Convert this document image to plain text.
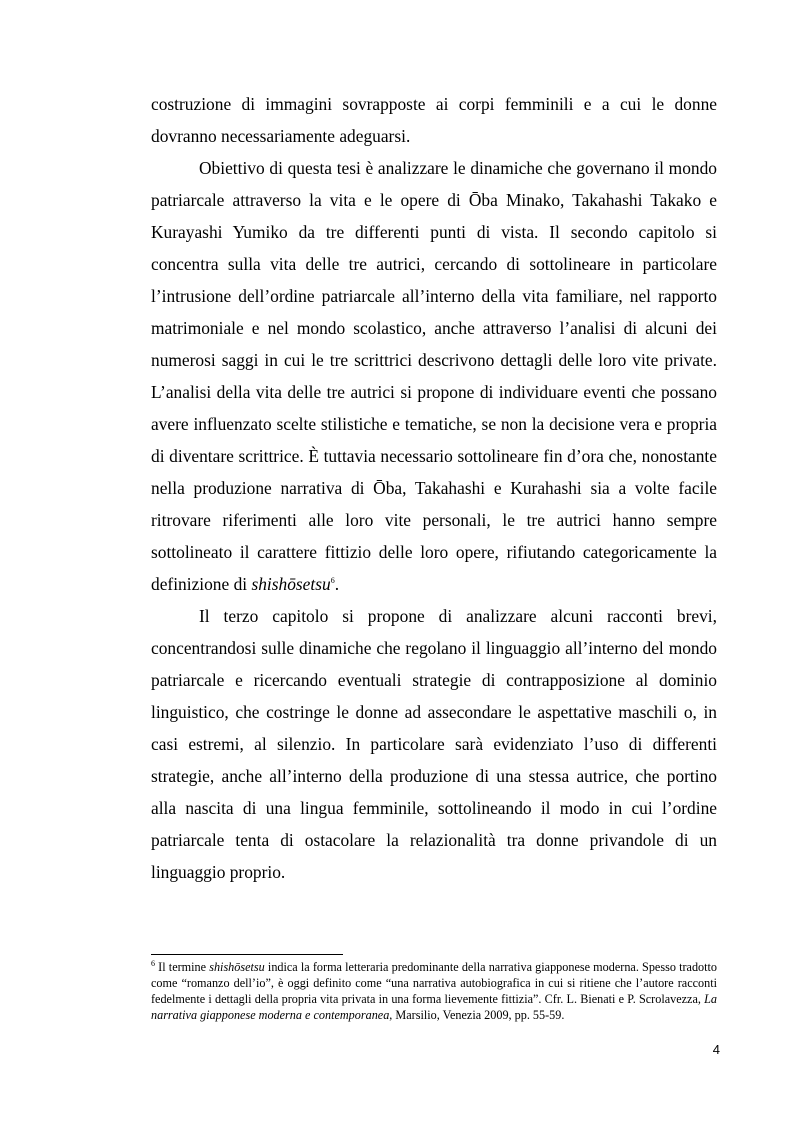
costruzione di immagini sovrapposte ai corpi femminili e a cui le donne dovranno necessariamente adeguarsi.

Obiettivo di questa tesi è analizzare le dinamiche che governano il mondo patriarcale attraverso la vita e le opere di Ōba Minako, Takahashi Takako e Kurayashi Yumiko da tre differenti punti di vista. Il secondo capitolo si concentra sulla vita delle tre autrici, cercando di sottolineare in particolare l’intrusione dell’ordine patriarcale all’interno della vita familiare, nel rapporto matrimoniale e nel mondo scolastico, anche attraverso l’analisi di alcuni dei numerosi saggi in cui le tre scrittrici descrivono dettagli delle loro vite private. L’analisi della vita delle tre autrici si propone di individuare eventi che possano avere influenzato scelte stilistiche e tematiche, se non la decisione vera e propria di diventare scrittrice. È tuttavia necessario sottolineare fin d’ora che, nonostante nella produzione narrativa di Ōba, Takahashi e Kurahashi sia a volte facile ritrovare riferimenti alle loro vite personali, le tre autrici hanno sempre sottolineato il carattere fittizio delle loro opere, rifiutando categoricamente la definizione di shishōsetsu$^6$.

Il terzo capitolo si propone di analizzare alcuni racconti brevi, concentrandosi sulle dinamiche che regolano il linguaggio all’interno del mondo patriarcale e ricercando eventuali strategie di contrapposizione al dominio linguistico, che costringe le donne ad assecondare le aspettative maschili o, in casi estremi, al silenzio. In particolare sarà evidenziato l’uso di differenti strategie, anche all’interno della produzione di una stessa autrice, che portino alla nascita di una lingua femminile, sottolineando il modo in cui l’ordine patriarcale tenta di ostacolare la relazionalità tra donne privandole di un linguaggio proprio.

$^6$ Il termine shishōsetsu indica la forma letteraria predominante della narrativa giapponese moderna. Spesso tradotto come “romanzo dell’io”, è oggi definito come “una narrativa autobiografica in cui si ritiene che l’autore racconti fedelmente i dettagli della propria vita privata in una forma lievemente fittizia”. Cfr. L. Bienati e P. Scrolavezza, La narrativa giapponese moderna e contemporanea, Marsilio, Venezia 2009, pp. 55-59.

4
